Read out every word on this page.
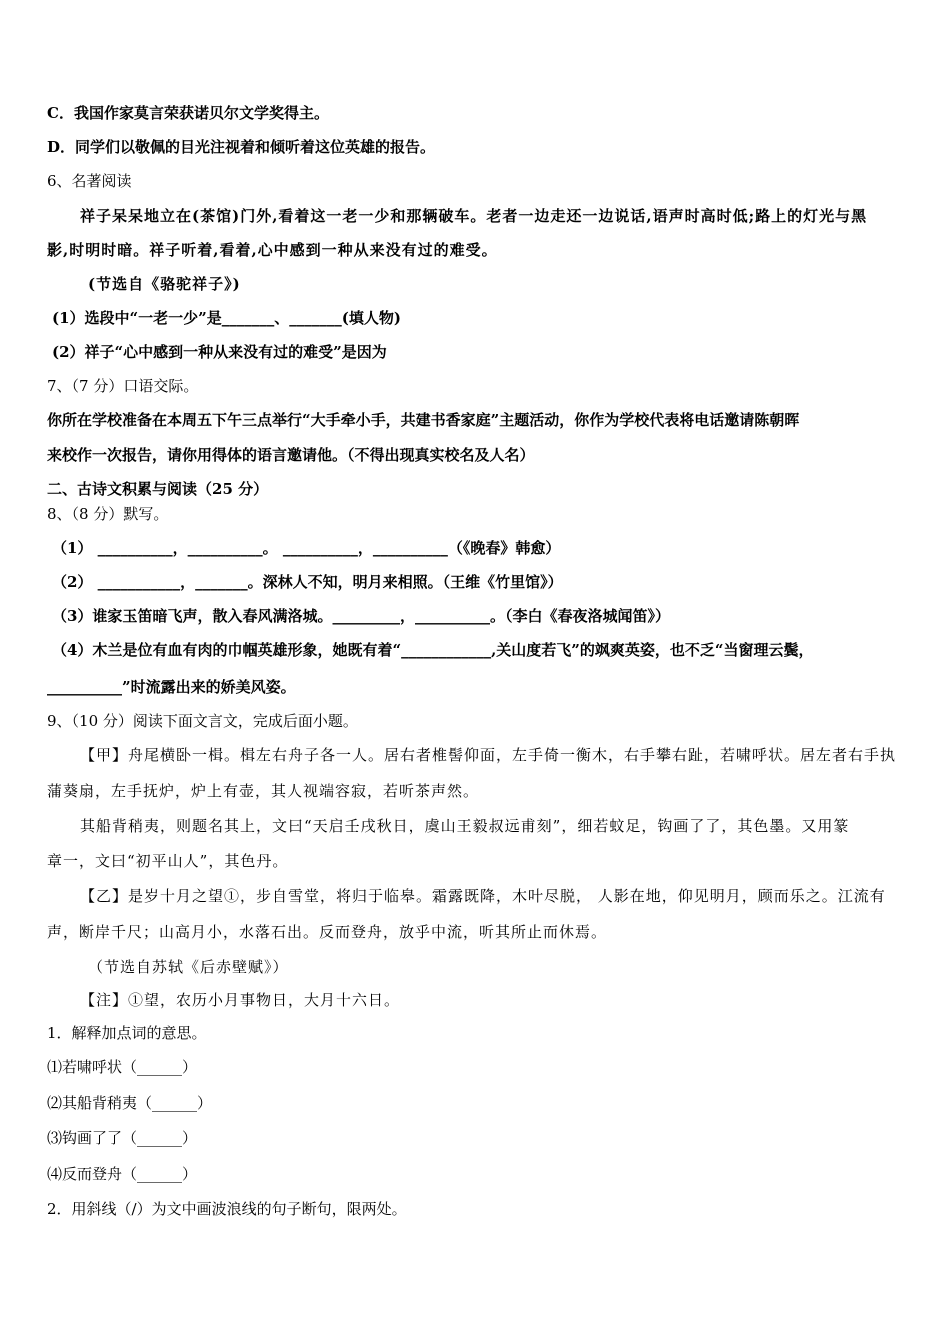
C．我国作家莫言荣获诺贝尔文学奖得主。
D．同学们以敬佩的目光注视着和倾听着这位英雄的报告。
6、名著阅读
祥子呆呆地立在(茶馆)门外,看着这一老一少和那辆破车。老者一边走还一边说话,语声时高时低;路上的灯光与黑
影,时明时暗。祥子听着,看着,心中感到一种从来没有过的难受。
(节选自《骆驼祥子》)
(1）选段中“一老一少”是_______、_______(填人物)
(2）祥子“心中感到一种从来没有过的难受”是因为
7、（7 分）口语交际。
你所在学校准备在本周五下午三点举行“大手牵小手，共建书香家庭”主题活动，你作为学校代表将电话邀请陈朝晖
来校作一次报告，请你用得体的语言邀请他。（不得出现真实校名及人名）
二、古诗文积累与阅读（25 分）
8、（8 分）默写。
（1） __________，__________。 __________，__________（《晚春》韩愈）
（2） ___________，_______。深林人不知，明月来相照。（王维《竹里馆》）
（3）谁家玉笛暗飞声，散入春风满洛城。_________，__________。（李白《春夜洛城闻笛》）
（4）木兰是位有血有肉的巾帼英雄形象，她既有着“____________,关山度若飞”的飒爽英姿，也不乏“当窗理云鬓，
__________”时流露出来的娇美风姿。
9、（10 分）阅读下面文言文，完成后面小题。
【甲】舟尾横卧一楫。楫左右舟子各一人。居右者椎髻仰面，左手倚一衡木，右手攀右趾，若啸呼状。居左者右手执
蒲葵扇，左手抚炉，炉上有壶，其人视端容寂，若听茶声然。
其船背稍夷，则题名其上，文曰“天启壬戌秋日，虞山王毅叔远甫刻”，细若蚊足，钩画了了，其色墨。又用篆
章一，文曰“初平山人”，其色丹。
【乙】是岁十月之望①，步自雪堂，将归于临皋。霜露既降，木叶尽脱， 人影在地，仰见明月，顾而乐之。江流有
声，断岸千尺；山高月小，水落石出。反而登舟，放乎中流，听其所止而休焉。
（节选自苏轼《后赤壁赋》）
【注】①望，农历小月事物日，大月十六日。
1．解释加点词的意思。
⑴若啸呼状（______）
⑵其船背稍夷（______）
⑶钩画了了（______）
⑷反而登舟（______）
2．用斜线（/）为文中画波浪线的句子断句，限两处。
